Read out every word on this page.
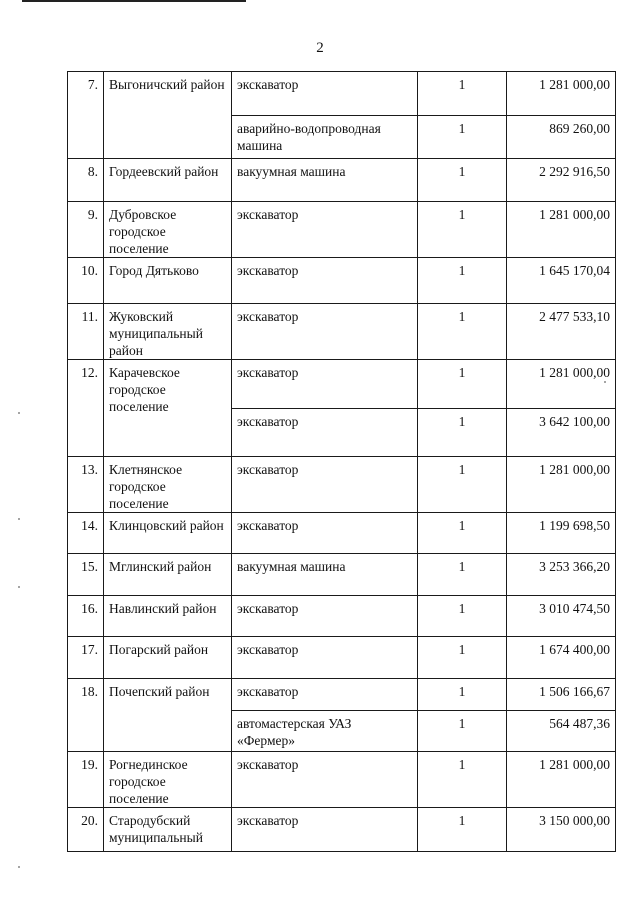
2
7.	Выгоничский район	экскаватор	1	1 281 000,00
		аварийно-водопроводная машина	1	869 260,00
8.	Гордеевский район	вакуумная машина	1	2 292 916,50
9.	Дубровское городское поселение	экскаватор	1	1 281 000,00
10.	Город Дятьково	экскаватор	1	1 645 170,04
11.	Жуковский муниципальный район	экскаватор	1	2 477 533,10
12.	Карачевское городское поселение	экскаватор	1	1 281 000,00
		экскаватор	1	3 642 100,00
13.	Клетнянское городское поселение	экскаватор	1	1 281 000,00
14.	Клинцовский район	экскаватор	1	1 199 698,50
15.	Мглинский район	вакуумная машина	1	3 253 366,20
16.	Навлинский район	экскаватор	1	3 010 474,50
17.	Погарский район	экскаватор	1	1 674 400,00
18.	Почепский район	экскаватор	1	1 506 166,67
		автомастерская УАЗ «Фермер»	1	564 487,36
19.	Рогнединское городское поселение	экскаватор	1	1 281 000,00
20.	Стародубский муниципальный	экскаватор	1	3 150 000,00
